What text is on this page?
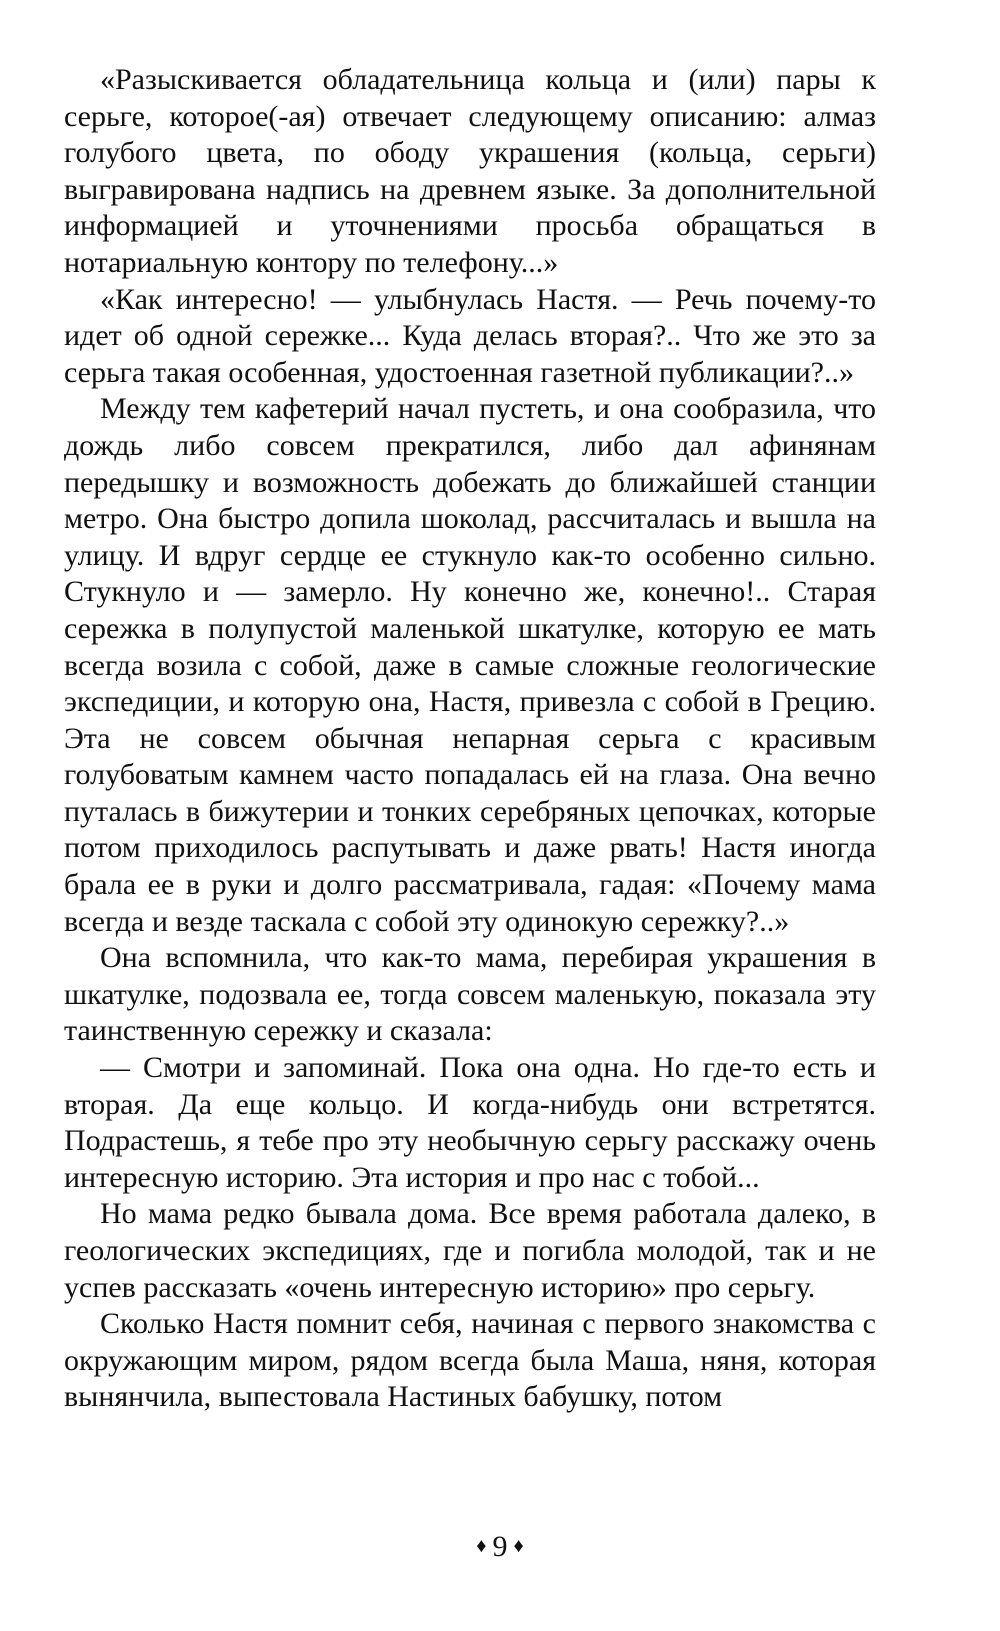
«Разыскивается обладательница кольца и (или) пары к серьге, которое(-ая) отвечает следующему описанию: алмаз голубого цвета, по ободу украшения (кольца, серьги) выгравирована надпись на древнем языке. За дополнительной информацией и уточнениями просьба обращаться в нотариальную контору по телефону...»

«Как интересно! — улыбнулась Настя. — Речь почему-то идет об одной сережке... Куда делась вторая?.. Что же это за серьга такая особенная, удостоенная газетной публикации?..»

Между тем кафетерий начал пустеть, и она сообразила, что дождь либо совсем прекратился, либо дал афинянам передышку и возможность добежать до ближайшей станции метро. Она быстро допила шоколад, рассчиталась и вышла на улицу. И вдруг сердце ее стукнуло как-то особенно сильно. Стукнуло и — замерло. Ну конечно же, конечно!.. Старая сережка в полупустой маленькой шкатулке, которую ее мать всегда возила с собой, даже в самые сложные геологические экспедиции, и которую она, Настя, привезла с собой в Грецию. Эта не совсем обычная непарная серьга с красивым голубоватым камнем часто попадалась ей на глаза. Она вечно путалась в бижутерии и тонких серебряных цепочках, которые потом приходилось распутывать и даже рвать! Настя иногда брала ее в руки и долго рассматривала, гадая: «Почему мама всегда и везде таскала с собой эту одинокую сережку?..»

Она вспомнила, что как-то мама, перебирая украшения в шкатулке, подозвала ее, тогда совсем маленькую, показала эту таинственную сережку и сказала:

— Смотри и запоминай. Пока она одна. Но где-то есть и вторая. Да еще кольцо. И когда-нибудь они встретятся. Подрастешь, я тебе про эту необычную серьгу расскажу очень интересную историю. Эта история и про нас с тобой...

Но мама редко бывала дома. Все время работала далеко, в геологических экспедициях, где и погибла молодой, так и не успев рассказать «очень интересную историю» про серьгу.

Сколько Настя помнит себя, начиная с первого знакомства с окружающим миром, рядом всегда была Маша, няня, которая вынянчила, выпестовала Настиных бабушку, потом

♦ 9 ♦
